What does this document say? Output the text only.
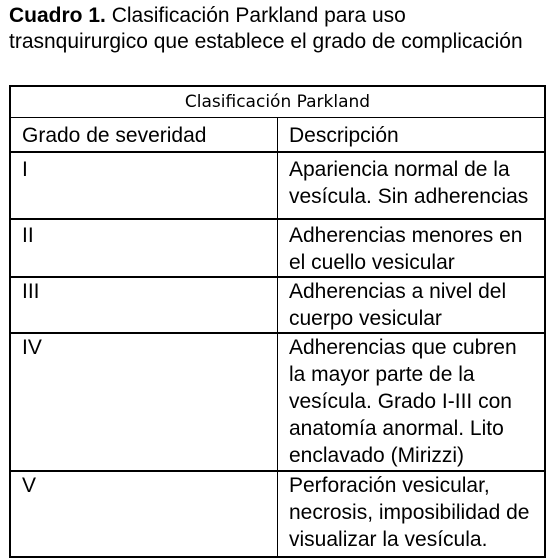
Cuadro 1. Clasificación Parkland para uso trasnquirurgico que establece el grado de complicación
Clasificación Parkland	
Grado de severidad	Descripción
I	Apariencia normal de la vesícula. Sin adherencias
II	Adherencias menores en el cuello vesicular
III	Adherencias a nivel del cuerpo vesicular
IV	Adherencias que cubren la mayor parte de la vesícula. Grado I-III con anatomía anormal. Lito enclavado (Mirizzi)
V	Perforación vesicular, necrosis, imposibilidad de visualizar la vesícula.
